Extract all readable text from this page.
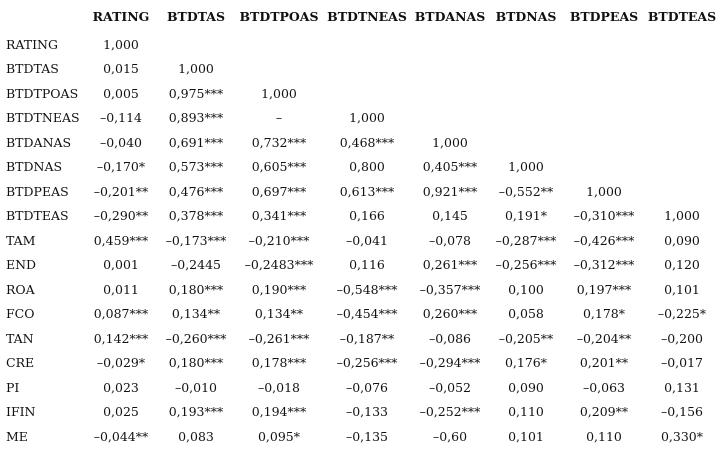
	RATING	BTDTAS	BTDTPOAS	BTDTNEAS	BTDANAS	BTDNAS	BTDPEAS	BTDTEAS
RATING	1,000							
BTDTAS	0,015	1,000						
BTDTPOAS	0,005	0,975***	1,000					
BTDTNEAS	–0,114	0,893***	–	1,000				
BTDANAS	–0,040	0,691***	0,732***	0,468***	1,000			
BTDNAS	–0,170*	0,573***	0,605***	0,800	0,405***	1,000		
BTDPEAS	–0,201**	0,476***	0,697***	0,613***	0,921***	–0,552**	1,000	
BTDTEAS	–0,290**	0,378***	0,341***	0,166	0,145	0,191*	–0,310***	1,000
TAM	0,459***	–0,173***	–0,210***	–0,041	–0,078	–0,287***	–0,426***	0,090
END	0,001	–0,2445	–0,2483***	0,116	0,261***	–0,256***	–0,312***	0,120
ROA	0,011	0,180***	0,190***	–0,548***	–0,357***	0,100	0,197***	0,101
FCO	0,087***	0,134**	0,134**	–0,454***	0,260***	0,058	0,178*	–0,225*
TAN	0,142***	–0,260***	–0,261***	–0,187**	–0,086	–0,205**	–0,204**	–0,200
CRE	–0,029*	0,180***	0,178***	–0,256***	–0,294***	0,176*	0,201**	–0,017
PI	0,023	–0,010	–0,018	–0,076	–0,052	0,090	–0,063	0,131
IFIN	0,025	0,193***	0,194***	–0,133	–0,252***	0,110	0,209**	–0,156
ME	–0,044**	0,083	0,095*	–0,135	–0,60	0,101	0,110	0,330*
